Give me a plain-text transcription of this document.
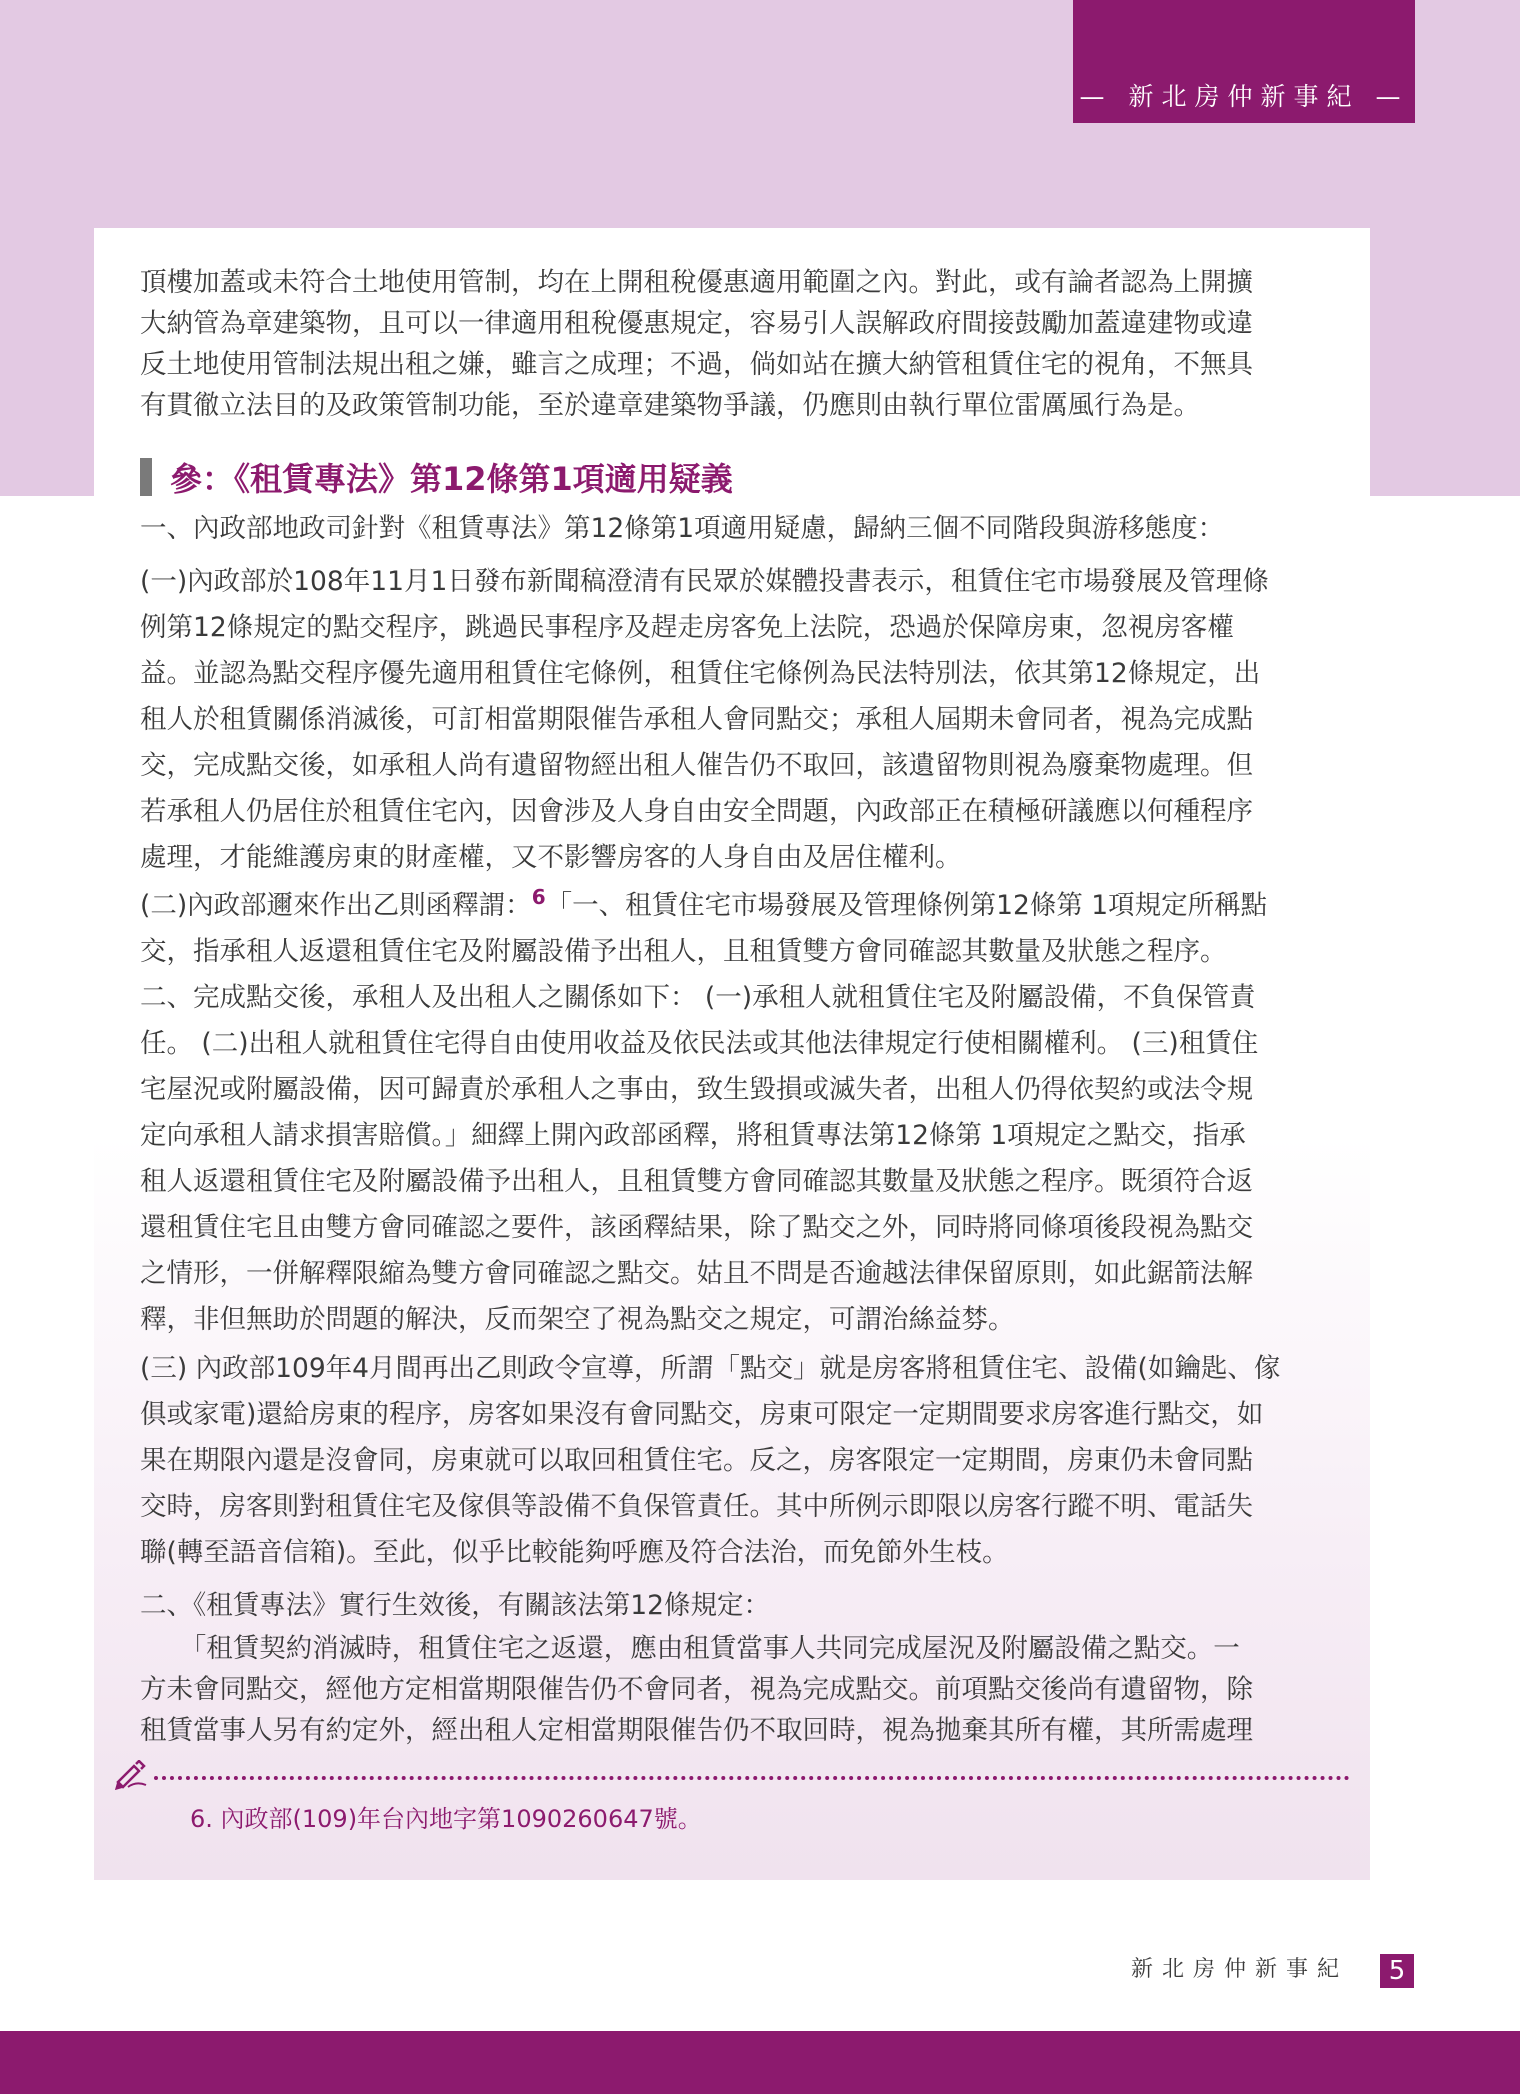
— 新北房仲新事紀 —
頂樓加蓋或未符合土地使用管制，均在上開租稅優惠適用範圍之內。對此，或有論者認為上開擴
大納管為章建築物，且可以一律適用租稅優惠規定，容易引人誤解政府間接鼓勵加蓋違建物或違
反土地使用管制法規出租之嫌，雖言之成理；不過，倘如站在擴大納管租賃住宅的視角，不無具
有貫徹立法目的及政策管制功能，至於違章建築物爭議，仍應則由執行單位雷厲風行為是。
參：《租賃專法》第12條第1項適用疑義
一、內政部地政司針對《租賃專法》第12條第1項適用疑慮，歸納三個不同階段與游移態度：
(一)內政部於108年11月1日發布新聞稿澄清有民眾於媒體投書表示，租賃住宅市場發展及管理條
例第12條規定的點交程序，跳過民事程序及趕走房客免上法院，恐過於保障房東，忽視房客權
益。並認為點交程序優先適用租賃住宅條例，租賃住宅條例為民法特別法，依其第12條規定，出
租人於租賃關係消滅後，可訂相當期限催告承租人會同點交；承租人屆期未會同者，視為完成點
交，完成點交後，如承租人尚有遺留物經出租人催告仍不取回，該遺留物則視為廢棄物處理。但
若承租人仍居住於租賃住宅內，因會涉及人身自由安全問題，內政部正在積極研議應以何種程序
處理，才能維護房東的財產權，又不影響房客的人身自由及居住權利。
(二)內政部邇來作出乙則函釋謂：$^6$「一、租賃住宅市場發展及管理條例第12條第 1項規定所稱點
交，指承租人返還租賃住宅及附屬設備予出租人，且租賃雙方會同確認其數量及狀態之程序。
二、完成點交後，承租人及出租人之關係如下： (一)承租人就租賃住宅及附屬設備，不負保管責
任。 (二)出租人就租賃住宅得自由使用收益及依民法或其他法律規定行使相關權利。 (三)租賃住
宅屋況或附屬設備，因可歸責於承租人之事由，致生毀損或滅失者，出租人仍得依契約或法令規
定向承租人請求損害賠償。」細繹上開內政部函釋，將租賃專法第12條第 1項規定之點交，指承
租人返還租賃住宅及附屬設備予出租人，且租賃雙方會同確認其數量及狀態之程序。既須符合返
還租賃住宅且由雙方會同確認之要件，該函釋結果，除了點交之外，同時將同條項後段視為點交
之情形，一併解釋限縮為雙方會同確認之點交。姑且不問是否逾越法律保留原則，如此鋸箭法解
釋，非但無助於問題的解決，反而架空了視為點交之規定，可謂治絲益棼。
(三) 內政部109年4月間再出乙則政令宣導，所謂「點交」就是房客將租賃住宅、設備(如鑰匙、傢
俱或家電)還給房東的程序，房客如果沒有會同點交，房東可限定一定期間要求房客進行點交，如
果在期限內還是沒會同，房東就可以取回租賃住宅。反之，房客限定一定期間，房東仍未會同點
交時，房客則對租賃住宅及傢俱等設備不負保管責任。其中所例示即限以房客行蹤不明、電話失
聯(轉至語音信箱)。至此，似乎比較能夠呼應及符合法治，而免節外生枝。
二、《租賃專法》實行生效後，有關該法第12條規定：
　　「租賃契約消滅時，租賃住宅之返還，應由租賃當事人共同完成屋況及附屬設備之點交。一
方未會同點交，經他方定相當期限催告仍不會同者，視為完成點交。前項點交後尚有遺留物，除
租賃當事人另有約定外，經出租人定相當期限催告仍不取回時，視為拋棄其所有權，其所需處理
6. 內政部(109)年台內地字第1090260647號。
新北房仲新事紀	5
